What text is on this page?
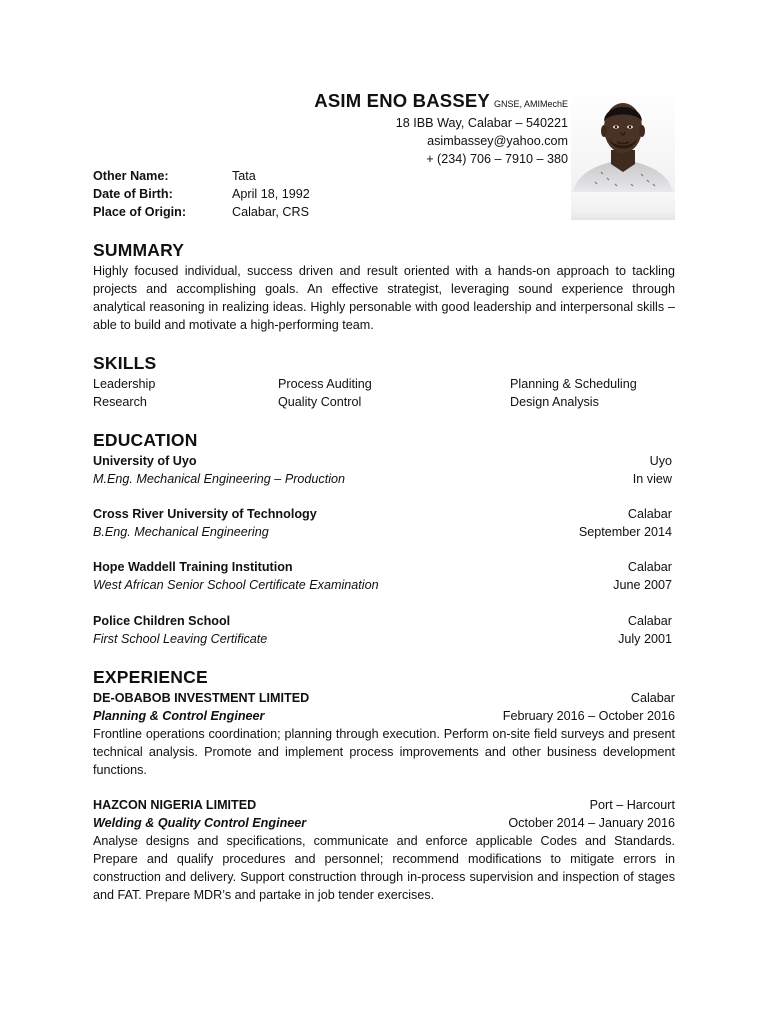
ASIM ENO BASSEY GNSE, AMIMechE
18 IBB Way, Calabar – 540221
asimbassey@yahoo.com
+ (234) 706 – 7910 – 380
Other Name:	Tata
Date of Birth:	April 18, 1992
Place of Origin:	Calabar, CRS
SUMMARY
Highly focused individual, success driven and result oriented with a hands-on approach to tackling projects and accomplishing goals. An effective strategist, leveraging sound experience through analytical reasoning in realizing ideas. Highly personable with good leadership and interpersonal skills – able to build and motivate a high-performing team.
SKILLS
Leadership	Process Auditing	Planning & Scheduling
Research	Quality Control	Design Analysis
EDUCATION
University of Uyo	Uyo
M.Eng. Mechanical Engineering – Production	In view
Cross River University of Technology	Calabar
B.Eng. Mechanical Engineering	September 2014
Hope Waddell Training Institution	Calabar
West African Senior School Certificate Examination	June 2007
Police Children School	Calabar
First School Leaving Certificate	July 2001
EXPERIENCE
DE-OBABOB INVESTMENT LIMITED	Calabar
Planning & Control Engineer	February 2016 – October 2016
Frontline operations coordination; planning through execution. Perform on-site field surveys and present technical analysis. Promote and implement process improvements and other business development functions.
HAZCON NIGERIA LIMITED	Port – Harcourt
Welding & Quality Control Engineer	October 2014 – January 2016
Analyse designs and specifications, communicate and enforce applicable Codes and Standards. Prepare and qualify procedures and personnel; recommend modifications to mitigate errors in construction and delivery. Support construction through in-process supervision and inspection of stages and FAT. Prepare MDR’s and partake in job tender exercises.
